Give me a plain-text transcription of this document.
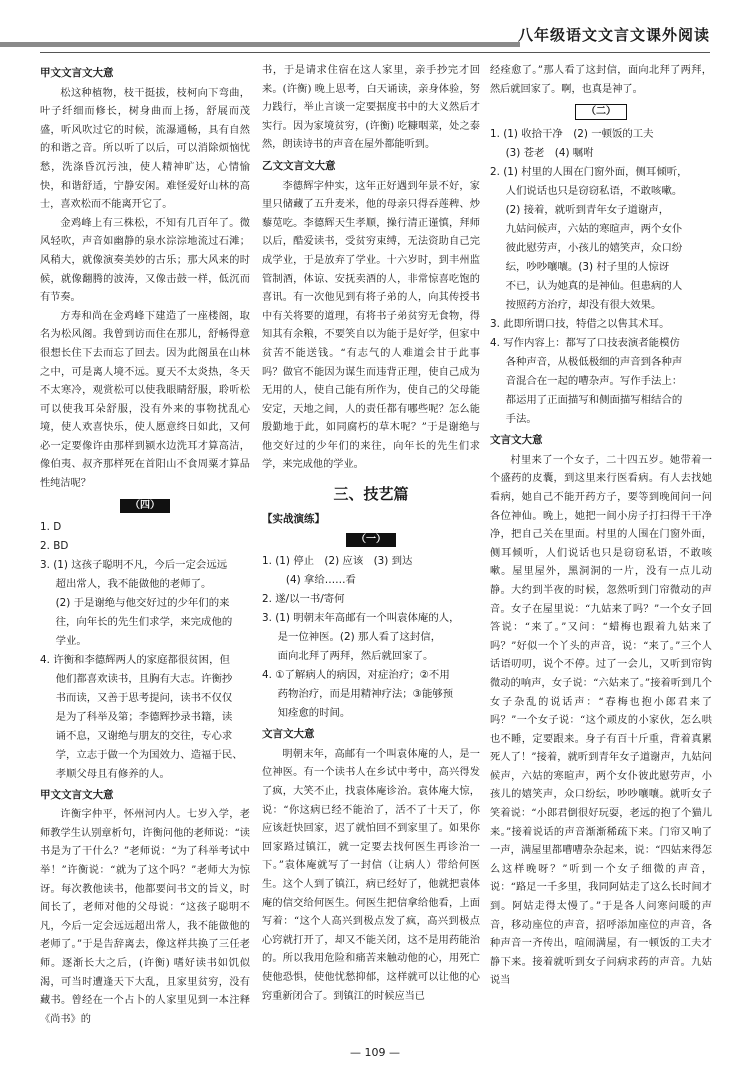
八年级语文文言文课外阅读
甲文文言文大意

松这种植物，枝干挺拔，枝柯向下弯曲，叶子纤细而修长，树身曲而上扬，舒展而茂盛，听风吹过它的时候，流瀑通畅，具有自然的和谐之音。所以听了以后，可以消除烦恼忧愁，洗涤昏沉污浊，使人精神旷达，心情愉快，和谐舒适，宁静安闲。难怪爱好山林的高士，喜欢松而不能离开它了。

金鸡峰上有三株松，不知有几百年了。微风轻吹，声音如幽静的泉水淙淙地流过石滩；风稍大，就像演奏美妙的古乐；那大风来的时候，就像翻腾的波涛，又像击鼓一样，低沉而有节奏。

方寿和尚在金鸡峰下建造了一座楼阁，取名为松风阁。我曾到访而住在那儿，舒畅得意很想长住下去而忘了回去。因为此阁虽在山林之中，可是离人境不远。夏天不太炎热，冬天不太寒冷，观赏松可以使我眼睛舒服，聆听松可以使我耳朵舒服，没有外来的事物扰乱心境，使人欢喜快乐，使人愿意终日如此，又何必一定要像许由那样到颍水边洗耳才算高洁，像伯夷、叔齐那样死在首阳山不食周粟才算品性纯洁呢？

（四）

1. D

2. BD

3. (1) 这孩子聪明不凡，今后一定会远远

超出常人，我不能做他的老师了。

(2) 于是谢绝与他交好过的少年们的来

往，向年长的先生们求学，来完成他的

学业。

4. 许衡和李德辉两人的家庭都很贫困，但

他们都喜欢读书，且胸有大志。许衡抄

书而读，又善于思考提问，读书不仅仅

是为了科举及第；李德辉抄录书籍，读

诵不息，又谢绝与朋友的交往，专心求

学，立志于做一个为国效力、造福于民、

孝顺父母且有修养的人。

甲文文言文大意

许衡字仲平，怀州河内人。七岁入学，老师教学生认别章析句，许衡问他的老师说：“读书是为了干什么？”老师说：“为了科举考试中举！”许衡说：“就为了这个吗？”老师大为惊讶。每次教他读书，他都要问书文的旨义，时间长了，老师对他的父母说：“这孩子聪明不凡，今后一定会远远超出常人，我不能做他的老师了。”于是告辞离去，像这样共换了三任老师。逐渐长大之后，(许衡) 嗜好读书如饥似渴，可当时遭逢天下大乱，且家里贫穷，没有藏书。曾经在一个占卜的人家里见到一本注释《尚书》的

书，于是请求住宿在这人家里，亲手抄完才回来。(许衡) 晚上思考，白天诵读，亲身体验，努力践行，举止言谈一定要据度书中的大义然后才实行。因为家境贫穷，(许衡) 吃糠咽菜，处之泰然，朗读诗书的声音在屋外都能听到。

乙文文言文大意

李德辉字仲实，这年正好遇到年景不好，家里只储藏了五升麦米，他的母亲只得吞莲稗、炒藜苋吃。李德辉天生孝顺，操行清正谨慎，拜师以后，酷爱读书，受贫穷束缚，无法资助自己完成学业，于是放弃了学业。十六岁时，到丰州监管制酒，体谅、安抚卖酒的人，非常惊喜吃饱的喜讯。有一次他见到有将子弟的人，向其传授书中有关将要的道理，有将书子弟贫穷无食物，得知其有余粮，不要笑自以为能于是好学，但家中贫苦不能送钱。“有志气的人难道会甘于此事吗？做官不能因为谋生而违背正理，使自己成为无用的人，使自己能有所作为，使自己的父母能安定，天地之间，人的责任都有哪些呢？怎么能殷勤地于此，如同腐朽的草木呢？”于是谢绝与他交好过的少年们的来往，向年长的先生们求学，来完成他的学业。

三、技艺篇
【实战演练】
（一）

1. (1) 停止　(2) 应该　(3) 到达

(4) 拿给……看

2. 遂/以一书/寄何

3. (1) 明朝末年高邮有一个叫袁体庵的人，

是一位神医。(2) 那人看了这封信，

面向北拜了两拜，然后就回家了。

4. ①了解病人的病因，对症治疗；②不用

药物治疗，而是用精神疗法；③能够预

知痊愈的时间。

文言文大意

明朝末年，高邮有一个叫袁体庵的人，是一位神医。有一个读书人在乡试中考中，高兴得发了疯，大笑不止，找袁体庵诊治。袁体庵大惊，说：“你这病已经不能治了，活不了十天了，你应该赶快回家，迟了就怕回不到家里了。如果你回家路过镇江，就一定要去找何医生再诊治一下。”袁体庵就写了一封信（让病人）带给何医生。这个人到了镇江，病已经好了，他就把袁体庵的信交给何医生。何医生把信拿给他看，上面写着：“这个人高兴到极点发了疯，高兴到极点心窍就打开了，却又不能关闭，这不是用药能治的。所以我用危险和痛苦来触动他的心，用死亡使他恐惧，使他忧愁抑郁，这样就可以让他的心窍重新闭合了。到镇江的时候应当已

经痊愈了。”那人看了这封信，面向北拜了两拜，然后就回家了。啊，也真是神了。

（二）

1. (1) 收拾干净　(2) 一顿饭的工夫

(3) 苍老　(4) 嘱咐

2. (1) 村里的人围在门窗外面，侧耳倾听，

人们说话也只是窃窃私语，不敢咳嗽。

(2) 接着，就听到青年女子道谢声，

九姑问候声，六姑的寒暄声，两个女仆

彼此慰劳声，小孩儿的嬉笑声，众口纷

纭，吵吵嚷嚷。(3) 村子里的人惊讶

不已，认为她真的是神仙。但患病的人

按照药方治疗，却没有很大效果。

3. 此即所谓口技，特借之以售其术耳。

4. 写作内容上：都写了口技表演者能模仿

各种声音，从极低极细的声音到各种声

音混合在一起的嘈杂声。写作手法上：

都运用了正面描写和侧面描写相结合的

手法。

文言文大意

村里来了一个女子，二十四五岁。她带着一个盛药的皮囊，到这里来行医看病。有人去找她看病，她自己不能开药方子，要等到晚间问一问各位神仙。晚上，她把一间小房子打扫得干干净净，把自己关在里面。村里的人围在门窗外面，侧耳倾听，人们说话也只是窃窃私语，不敢咳嗽。屋里屋外，黑洞洞的一片，没有一点儿动静。大约到半夜的时候，忽然听到门帘微动的声音。女子在屋里说：“九姑来了吗？”一个女子回答说：“来了。”又问：“蜡梅也跟着九姑来了吗？”好似一个丫头的声音，说：“来了。”三个人话语叨叨，说个不停。过了一会儿，又听到帘钩微动的响声，女子说：“六姑来了。”接着听到几个女子杂乱的说话声：“春梅也抱小郎君来了吗？”一个女子说：“这个顽皮的小家伙，怎么哄也不睡，定要跟来。身子有百十斤重，背着真累死人了！”接着，就听到青年女子道谢声，九姑问候声，六姑的寒暄声，两个女仆彼此慰劳声，小孩儿的嬉笑声，众口纷纭，吵吵嚷嚷。就听女子笑着说：“小郎君倒很好玩耍，老远的抱了个猫儿来。”接着说话的声音渐渐稀疏下来。门帘又响了一声，满屋里都嘈嘈杂杂起来，说：“四姑来得怎么这样晚呀？”听到一个女子细微的声音，说：“路足一千多里，我同阿姑走了这么长时间才到。阿姑走得太慢了。”于是各人问寒问暖的声音，移动座位的声音，招呼添加座位的声音，各种声音一齐传出，喧闹满屋，有一顿饭的工夫才静下来。接着就听到女子问病求药的声音。九姑说当

— 109 —
